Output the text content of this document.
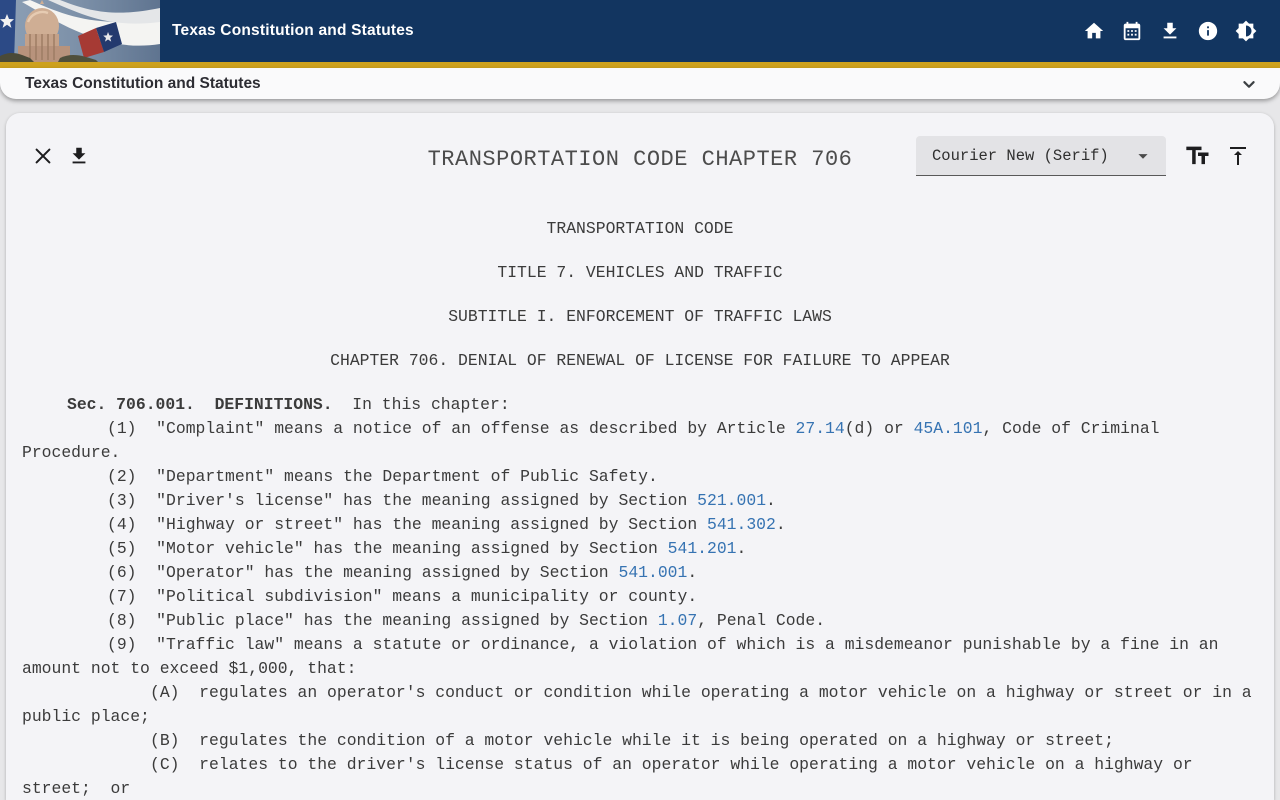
Texas Constitution and Statutes
Texas Constitution and Statutes
TRANSPORTATION CODE CHAPTER 706	Courier New (Serif)
TRANSPORTATION CODE
TITLE 7. VEHICLES AND TRAFFIC
SUBTITLE I. ENFORCEMENT OF TRAFFIC LAWS
CHAPTER 706. DENIAL OF RENEWAL OF LICENSE FOR FAILURE TO APPEAR
Sec. 706.001. DEFINITIONS.  In this chapter:
(1)  "Complaint" means a notice of an offense as described by Article 27.14(d) or 45A.101, Code of Criminal
Procedure.
(2)  "Department" means the Department of Public Safety.
(3)  "Driver's license" has the meaning assigned by Section 521.001.
(4)  "Highway or street" has the meaning assigned by Section 541.302.
(5)  "Motor vehicle" has the meaning assigned by Section 541.201.
(6)  "Operator" has the meaning assigned by Section 541.001.
(7)  "Political subdivision" means a municipality or county.
(8)  "Public place" has the meaning assigned by Section 1.07, Penal Code.
(9)  "Traffic law" means a statute or ordinance, a violation of which is a misdemeanor punishable by a fine in an
amount not to exceed $1,000, that:
(A)  regulates an operator's conduct or condition while operating a motor vehicle on a highway or street or in a
public place;
(B)  regulates the condition of a motor vehicle while it is being operated on a highway or street;
(C)  relates to the driver's license status of an operator while operating a motor vehicle on a highway or
street;  or
